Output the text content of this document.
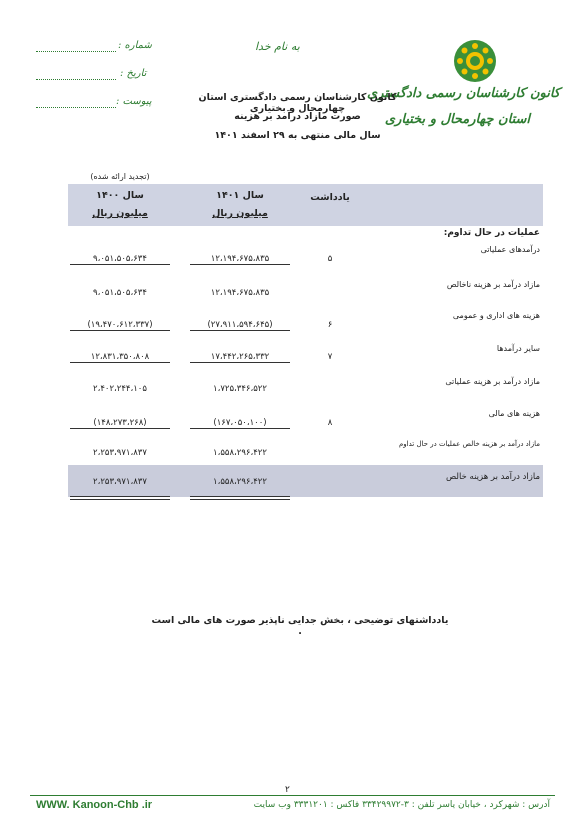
کانون کارشناسان رسمی دادگستری
استان چهارمحال و بختیاری
به نام خدا
شماره :
تاریخ :
پیوست :	کانون کارشناسان رسمی دادگستری استان چهارمحال و بختیاری
صورت مازاد درآمد بر هزینه
سال مالی منتهی به ۲۹ اسفند ۱۴۰۱
(تجدید ارائه شده)
یادداشت
سال ۱۴۰۱
میلیون ریال
سال ۱۴۰۰
میلیون ریال
عملیات در حال تداوم:
درآمدهای عملیاتی
۵
۱۲،۱۹۴،۶۷۵،۸۳۵
۹،۰۵۱،۵۰۵،۶۳۴
مازاد درآمد بر هزینه ناخالص
۱۲،۱۹۴،۶۷۵،۸۳۵
۹،۰۵۱،۵۰۵،۶۳۴
هزینه های اداری و عمومی
۶
(۲۷،۹۱۱،۵۹۴،۶۴۵)
(۱۹،۴۷۰،۶۱۲،۳۳۷)
سایر درآمدها
۷
۱۷،۴۴۲،۲۶۵،۳۳۲
۱۲،۸۳۱،۳۵۰،۸۰۸
مازاد درآمد بر هزینه عملیاتی
۱،۷۲۵،۳۴۶،۵۲۲
۲،۴۰۲،۲۴۴،۱۰۵
هزینه های مالی
۸
(۱۶۷،۰۵۰،۱۰۰)
(۱۴۸،۲۷۳،۲۶۸)
مازاد درآمد بر هزینه خالص عملیات در حال تداوم
۱،۵۵۸،۲۹۶،۴۲۲
۲،۲۵۳،۹۷۱،۸۳۷
مازاد درآمد بر هزینه خالص
۱،۵۵۸،۲۹۶،۴۲۲
۲،۲۵۳،۹۷۱،۸۳۷
یادداشتهای توضیحی ، بخش جدایی ناپذیر صورت های مالی است .
۲
WWW. Kanoon-Chb .ir	آدرس : شهرکرد ، خیابان یاسر تلفن : ۳-۳۳۴۲۹۹۷۲ فاکس : ۳۳۳۱۲۰۱ وب سایت
